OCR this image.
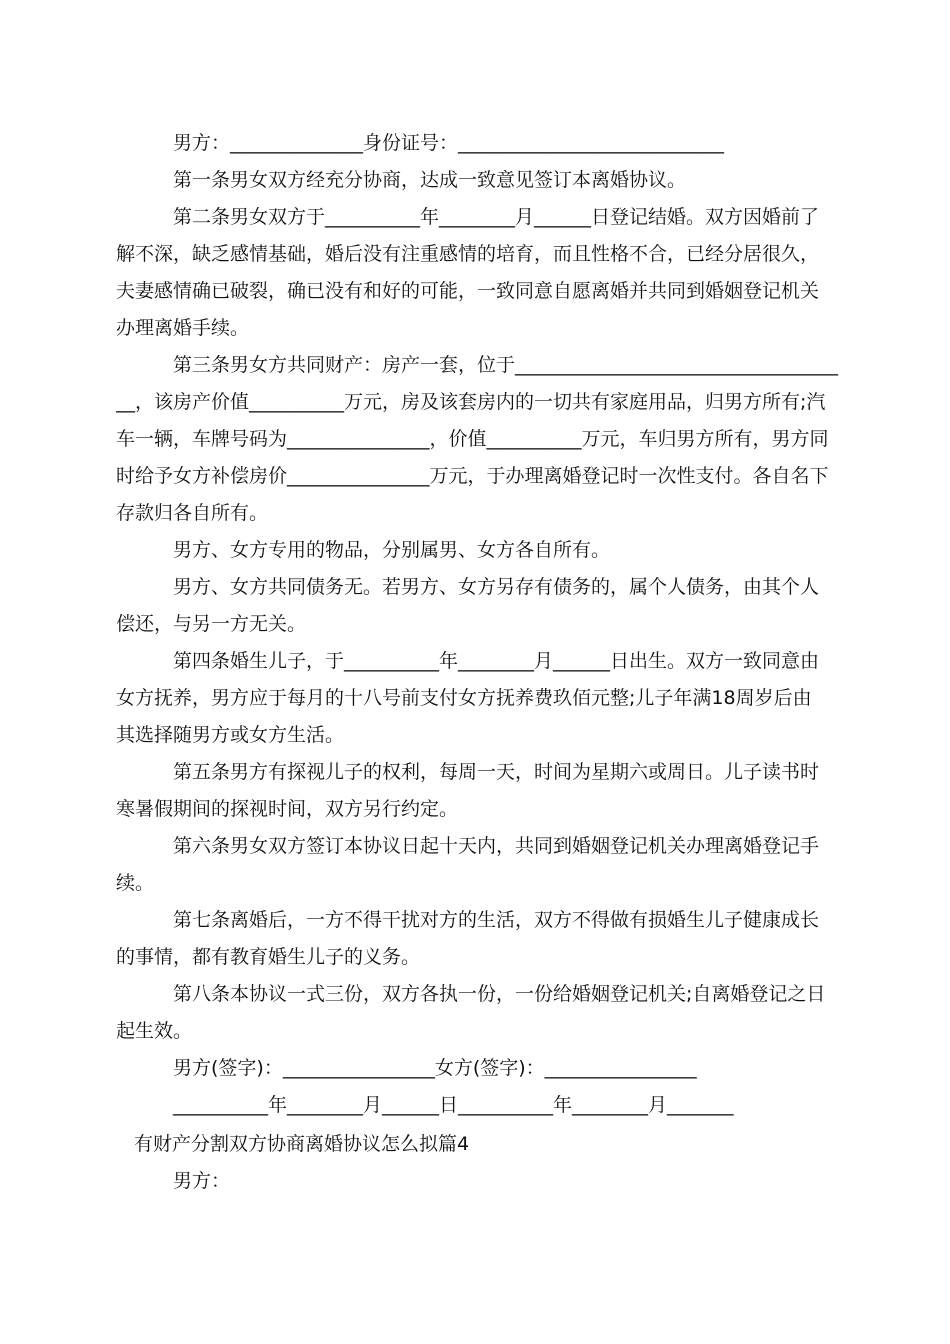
男方：______________身份证号：____________________________

第一条男女双方经充分协商，达成一致意见签订本离婚协议。

第二条男女双方于__________年________月______日登记结婚。双方因婚前了

解不深，缺乏感情基础，婚后没有注重感情的培育，而且性格不合，已经分居很久，

夫妻感情确已破裂，确已没有和好的可能，一致同意自愿离婚并共同到婚姻登记机关

办理离婚手续。

第三条男女方共同财产：房产一套，位于__________________________________

__，该房产价值__________万元，房及该套房内的一切共有家庭用品，归男方所有;汽

车一辆，车牌号码为_______________，价值__________万元，车归男方所有，男方同

时给予女方补偿房价_______________万元，于办理离婚登记时一次性支付。各自名下

存款归各自所有。

男方、女方专用的物品，分别属男、女方各自所有。

男方、女方共同债务无。若男方、女方另存有债务的，属个人债务，由其个人

偿还，与另一方无关。

第四条婚生儿子，于__________年________月______日出生。双方一致同意由

女方抚养，男方应于每月的十八号前支付女方抚养费玖佰元整;儿子年满18周岁后由

其选择随男方或女方生活。

第五条男方有探视儿子的权利，每周一天，时间为星期六或周日。儿子读书时

寒暑假期间的探视时间，双方另行约定。

第六条男女双方签订本协议日起十天内，共同到婚姻登记机关办理离婚登记手

续。

第七条离婚后，一方不得干扰对方的生活，双方不得做有损婚生儿子健康成长

的事情，都有教育婚生儿子的义务。

第八条本协议一式三份，双方各执一份，一份给婚姻登记机关;自离婚登记之日

起生效。

男方(签字)：________________女方(签字)：________________

__________年________月______日__________年________月_______

有财产分割双方协商离婚协议怎么拟篇4

男方：
